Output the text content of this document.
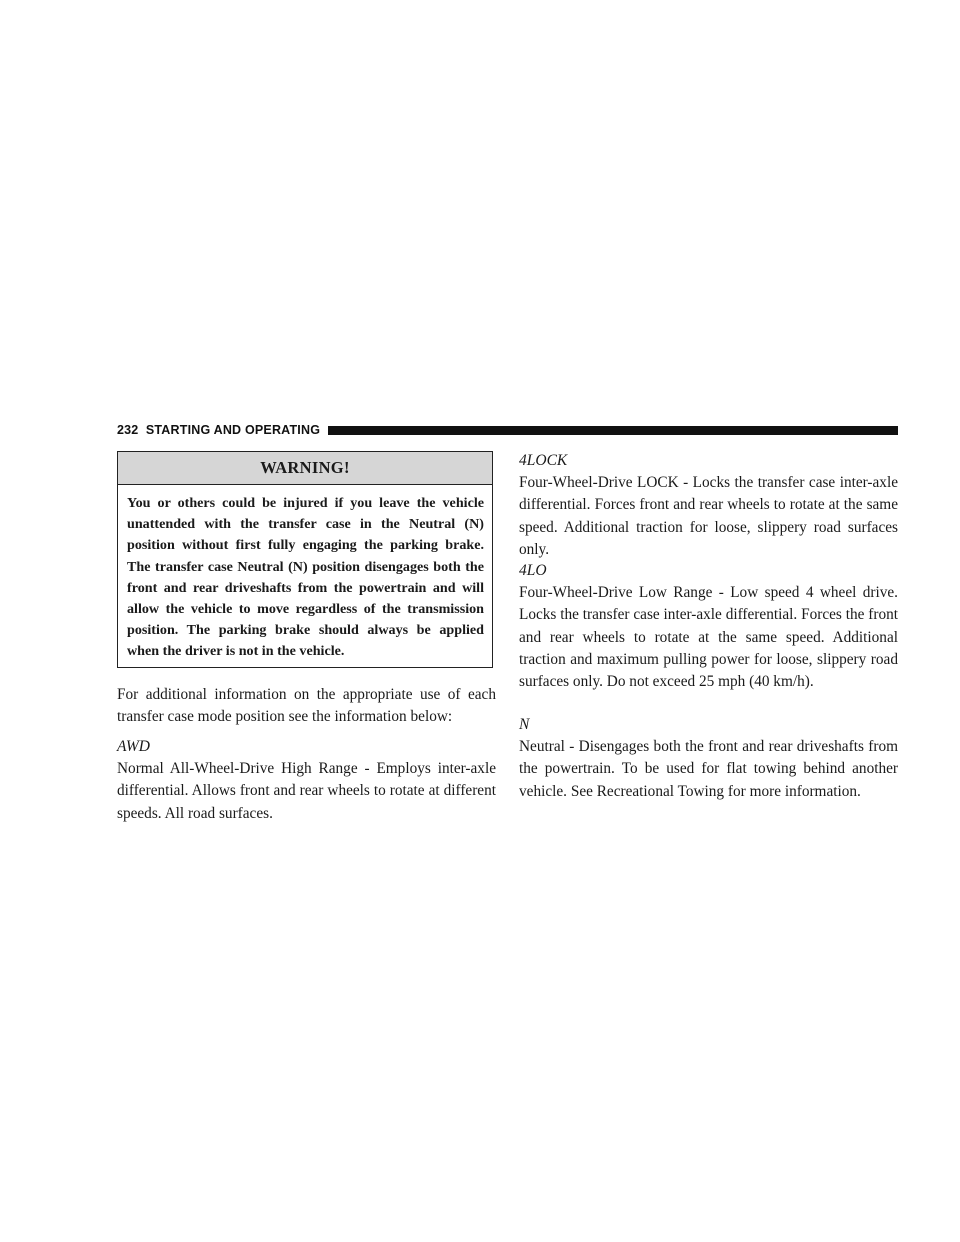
232 STARTING AND OPERATING
WARNING!

You or others could be injured if you leave the vehicle unattended with the transfer case in the Neutral (N) position without first fully engaging the parking brake. The transfer case Neutral (N) position disengages both the front and rear driveshafts from the powertrain and will allow the vehicle to move regardless of the transmission position. The parking brake should always be applied when the driver is not in the vehicle.

For additional information on the appropriate use of each transfer case mode position see the information below:

AWD

Normal All-Wheel-Drive High Range - Employs inter-axle differential. Allows front and rear wheels to rotate at different speeds. All road surfaces.

4LOCK

Four-Wheel-Drive LOCK - Locks the transfer case inter-axle differential. Forces front and rear wheels to rotate at the same speed. Additional traction for loose, slippery road surfaces only.

4LO

Four-Wheel-Drive Low Range - Low speed 4 wheel drive. Locks the transfer case inter-axle differential. Forces the front and rear wheels to rotate at the same speed. Additional traction and maximum pulling power for loose, slippery road surfaces only. Do not exceed 25 mph (40 km/h).

N

Neutral - Disengages both the front and rear driveshafts from the powertrain. To be used for flat towing behind another vehicle. See Recreational Towing for more information.
